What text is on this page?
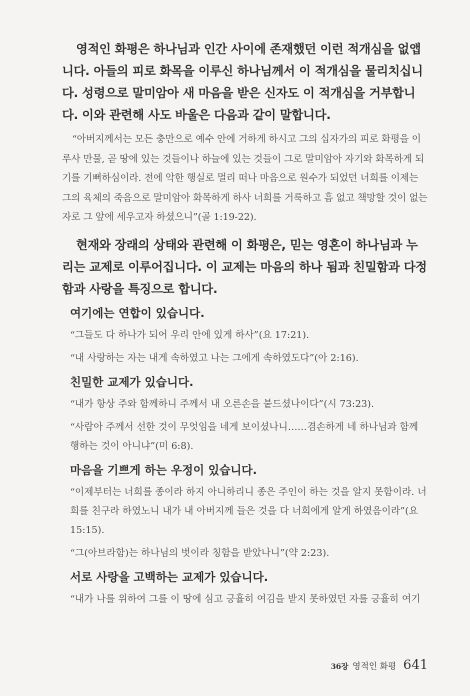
영적인 화평은 하나님과 인간 사이에 존재했던 이런 적개심을 없앱니다. 아들의 피로 화목을 이루신 하나님께서 이 적개심을 물리치십니다. 성령으로 말미암아 새 마음을 받은 신자도 이 적개심을 거부합니다. 이와 관련해 사도 바울은 다음과 같이 말합니다.

“아버지께서는 모든 충만으로 예수 안에 거하게 하시고 그의 십자가의 피로 화평을 이루사 만물, 곧 땅에 있는 것들이나 하늘에 있는 것들이 그로 말미암아 자기와 화목하게 되기를 기뻐하심이라. 전에 악한 행실로 멀리 떠나 마음으로 원수가 되었던 너희를 이제는 그의 육체의 죽음으로 말미암아 화목하게 하사 너희를 거룩하고 흠 없고 책망할 것이 없는 자로 그 앞에 세우고자 하셨으니”(골 1:19-22).

현재와 장래의 상태와 관련해 이 화평은, 믿는 영혼이 하나님과 누리는 교제로 이루어집니다. 이 교제는 마음의 하나 됨과 친밀함과 다정함과 사랑을 특징으로 합니다.

여기에는 연합이 있습니다.
“그들도 다 하나가 되어 우리 안에 있게 하사”(요 17:21).
“내 사랑하는 자는 내게 속하였고 나는 그에게 속하였도다”(아 2:16).
친밀한 교제가 있습니다.
“내가 항상 주와 함께하니 주께서 내 오른손을 붙드셨나이다”(시 73:23).
“사람아 주께서 선한 것이 무엇임을 네게 보이셨나니……겸손하게 네 하나님과 함께 행하는 것이 아니냐”(미 6:8).
마음을 기쁘게 하는 우정이 있습니다.
“이제부터는 너희를 종이라 하지 아니하리니 종은 주인이 하는 것을 알지 못함이라. 너희를 친구라 하였노니 내가 내 아버지께 들은 것을 다 너희에게 알게 하였음이라”(요 15:15).
“그(아브라함)는 하나님의 벗이라 칭함을 받았나니”(약 2:23).
서로 사랑을 고백하는 교제가 있습니다.
“내가 나를 위하여 그를 이 땅에 심고 긍휼히 여김을 받지 못하였던 자를 긍휼히 여기
36장 영적인 화평 641
